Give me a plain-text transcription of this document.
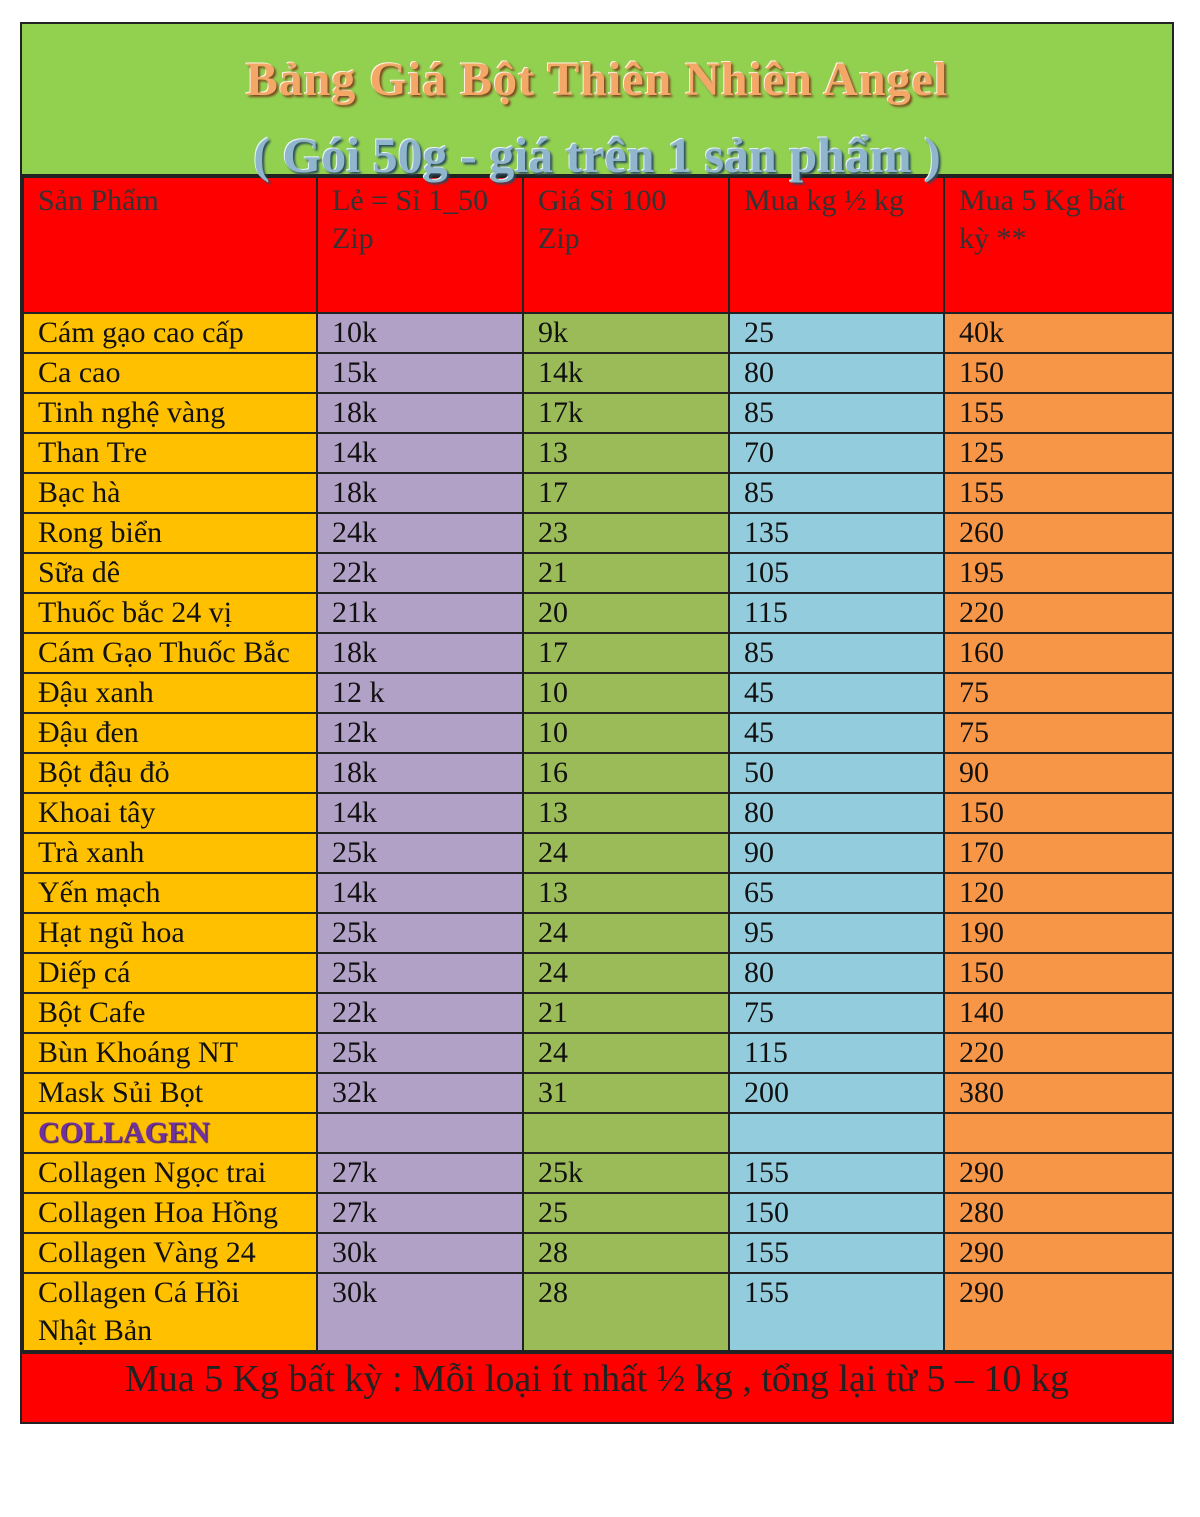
Bảng Giá Bột Thiên Nhiên Angel
( Gói 50g - giá trên 1 sản phẩm )
Sản Phẩm	Lẻ = Sỉ 1_50 Zip	Giá Sỉ 100 Zip	Mua kg ½ kg	Mua 5 Kg bất kỳ **
Cám gạo cao cấp	10k	9k	25	40k
Ca cao	15k	14k	80	150
Tinh nghệ vàng	18k	17k	85	155
Than Tre	14k	13	70	125
Bạc hà	18k	17	85	155
Rong biển	24k	23	135	260
Sữa dê	22k	21	105	195
Thuốc bắc 24 vị	21k	20	115	220
Cám Gạo Thuốc Bắc	18k	17	85	160
Đậu xanh	12 k	10	45	75
Đậu đen	12k	10	45	75
Bột đậu đỏ	18k	16	50	90
Khoai tây	14k	13	80	150
Trà xanh	25k	24	90	170
Yến mạch	14k	13	65	120
Hạt ngũ hoa	25k	24	95	190
Diếp cá	25k	24	80	150
Bột Cafe	22k	21	75	140
Bùn Khoáng NT	25k	24	115	220
Mask Sủi Bọt	32k	31	200	380
COLLAGEN				
Collagen Ngọc trai	27k	25k	155	290
Collagen Hoa Hồng	27k	25	150	280
Collagen Vàng 24	30k	28	155	290
Collagen Cá Hồi Nhật Bản	30k	28	155	290
Mua 5 Kg bất kỳ : Mỗi loại ít nhất ½ kg , tổng lại từ 5 – 10 kg
